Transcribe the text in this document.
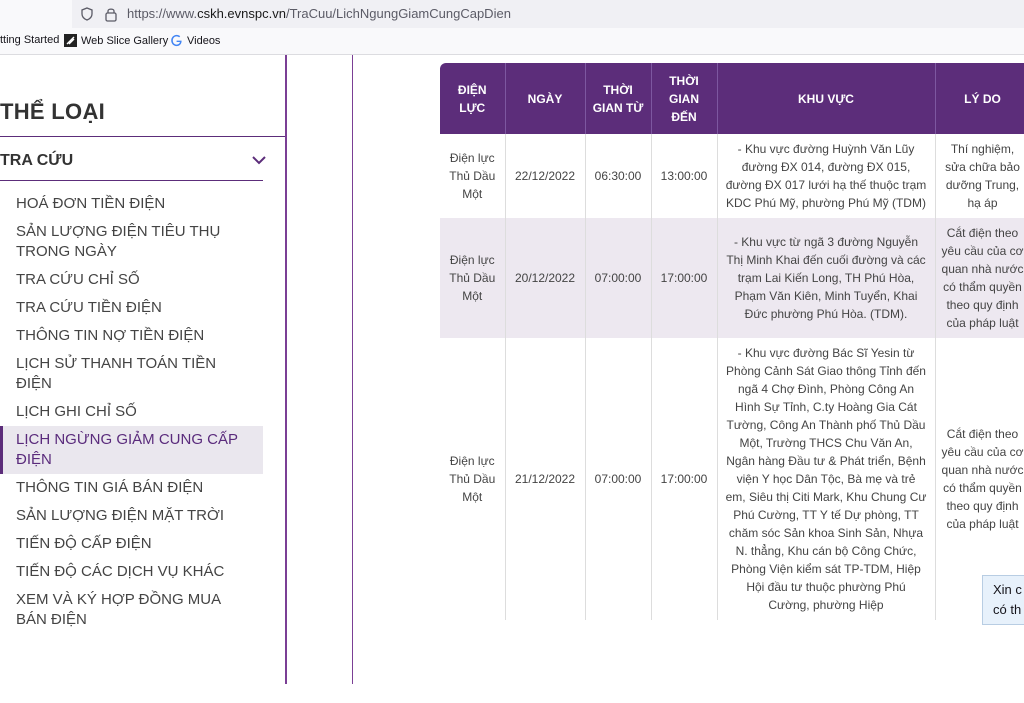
https://www.cskh.evnspc.vn/TraCuu/LichNgungGiamCungCapDien
tting Started Web Slice Gallery Videos
THỂ LOẠI
TRA CỨU
HOÁ ĐƠN TIỀN ĐIỆN
SẢN LƯỢNG ĐIỆN TIÊU THỤ TRONG NGÀY
TRA CỨU CHỈ SỐ
TRA CỨU TIỀN ĐIỆN
THÔNG TIN NỢ TIỀN ĐIỆN
LỊCH SỬ THANH TOÁN TIỀN ĐIỆN
LỊCH GHI CHỈ SỐ
LỊCH NGỪNG GIẢM CUNG CẤP ĐIỆN
THÔNG TIN GIÁ BÁN ĐIỆN
SẢN LƯỢNG ĐIỆN MẶT TRỜI
TIẾN ĐỘ CẤP ĐIỆN
TIẾN ĐỘ CÁC DỊCH VỤ KHÁC
XEM VÀ KÝ HỢP ĐỒNG MUA BÁN ĐIỆN
ĐIỆN LỰC	NGÀY	THỜI GIAN TỪ	THỜI GIAN ĐẾN	KHU VỰC	LÝ DO
Điện lực Thủ Dầu Một	22/12/2022	06:30:00	13:00:00	- Khu vực đường Huỳnh Văn Lũy đường ĐX 014, đường ĐX 015, đường ĐX 017 lưới hạ thế thuộc trạm KDC Phú Mỹ, phường Phú Mỹ (TDM)	Thí nghiệm, sửa chữa bảo dưỡng Trung, hạ áp
Điện lực Thủ Dầu Một	20/12/2022	07:00:00	17:00:00	- Khu vực từ ngã 3 đường Nguyễn Thị Minh Khai đến cuối đường và các trạm Lai Kiến Long, TH Phú Hòa, Phạm Văn Kiên, Minh Tuyển, Khai Đức phường Phú Hòa. (TDM).	Cắt điện theo yêu cầu của cơ quan nhà nước có thẩm quyền theo quy định của pháp luật
Điện lực Thủ Dầu Một	21/12/2022	07:00:00	17:00:00	- Khu vực đường Bác Sĩ Yesin từ Phòng Cảnh Sát Giao thông Tỉnh đến ngã 4 Chợ Đình, Phòng Công An Hình Sự Tỉnh, C.ty Hoàng Gia Cát Tường, Công An Thành phố Thủ Dầu Một, Trường THCS Chu Văn An, Ngân hàng Đầu tư & Phát triển, Bệnh viện Y học Dân Tộc, Bà mẹ và trẻ em, Siêu thị Citi Mark, Khu Chung Cư Phú Cường, TT Y tế Dự phòng, TT chăm sóc Sản khoa Sinh Sản, Nhựa N. thẳng, Khu cán bộ Công Chức, Phòng Viện kiểm sát TP-TDM, Hiệp Hội đầu tư thuộc phường Phú Cường, phường Hiệp	Cắt điện theo yêu cầu của cơ quan nhà nước có thẩm quyền theo quy định của pháp luật
Xin c
có th
